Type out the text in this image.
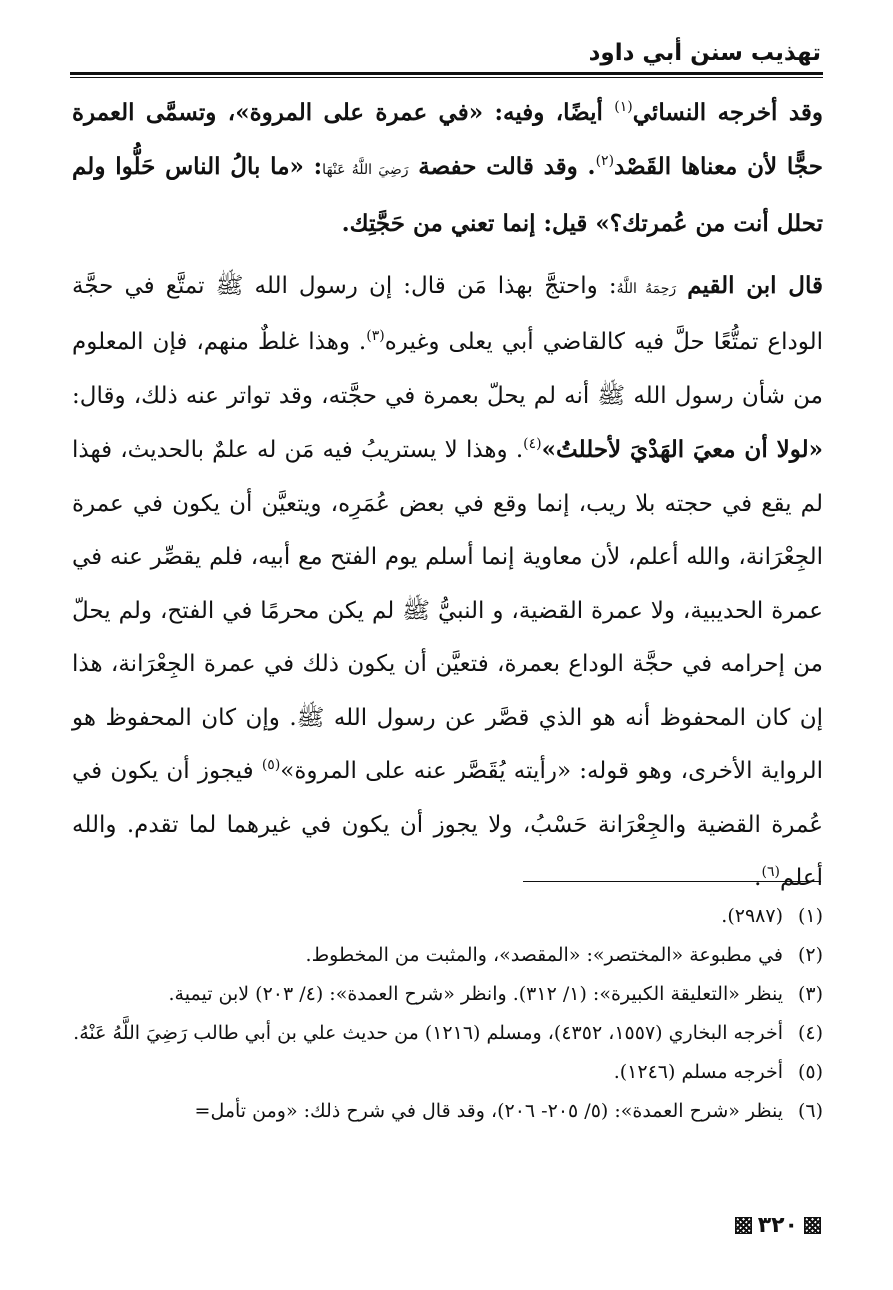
تهذيب سنن أبي داود

وقد أخرجه النسائي$^{(١)}$ أيضًا، وفيه: «في عمرة على المروة»، وتسمَّى العمرة حجًّا لأن معناها القَصْد$^{(٢)}$. وقد قالت حفصة رَضِيَ اللَّهُ عَنْهَا: «ما بالُ الناس حَلُّوا ولم تحلل أنت من عُمرتك؟» قيل: إنما تعني من حَجَّتِك.

قال ابن القيم رَحِمَهُ اللَّهُ: واحتجَّ بهذا مَن قال: إن رسول الله ﷺ تمتَّع في حجَّة الوداع تمتُّعًا حلَّ فيه كالقاضي أبي يعلى وغيره$^{(٣)}$. وهذا غلطٌ منهم، فإن المعلوم من شأن رسول الله ﷺ أنه لم يحلّ بعمرة في حجَّته، وقد تواتر عنه ذلك، وقال: «لولا أن معيَ الهَدْيَ لأحللتُ»$^{(٤)}$. وهذا لا يستريبُ فيه مَن له علمٌ بالحديث، فهذا لم يقع في حجته بلا ريب، إنما وقع في بعض عُمَرِه، ويتعيَّن أن يكون في عمرة الجِعْرَانة، والله أعلم، لأن معاوية إنما أسلم يوم الفتح مع أبيه، فلم يقصِّر عنه في عمرة الحديبية، ولا عمرة القضية، و النبيُّ ﷺ لم يكن محرمًا في الفتح، ولم يحلّ من إحرامه في حجَّة الوداع بعمرة، فتعيَّن أن يكون ذلك في عمرة الجِعْرَانة، هذا إن كان المحفوظ أنه هو الذي قصَّر عن رسول الله ﷺ. وإن كان المحفوظ هو الرواية الأخرى، وهو قوله: «رأيته يُقَصَّر عنه على المروة»$^{(٥)}$ فيجوز أن يكون في عُمرة القضية والجِعْرَانة حَسْبُ، ولا يجوز أن يكون في غيرهما لما تقدم. والله أعلم$^{(٦)}$.

(١)
(٢٩٨٧).
(٢)
في مطبوعة «المختصر»: «المقصد»، والمثبت من المخطوط.
(٣)
ينظر «التعليقة الكبيرة»: (١/ ٣١٢). وانظر «شرح العمدة»: (٤/ ٢٠٣) لابن تيمية.
(٤)
أخرجه البخاري (١٥٥٧، ٤٣٥٢)، ومسلم (١٢١٦) من حديث علي بن أبي طالب رَضِيَ اللَّهُ عَنْهُ.
(٥)
أخرجه مسلم (١٢٤٦).
(٦)
ينظر «شرح العمدة»: (٥/ ٢٠٥- ٢٠٦)، وقد قال في شرح ذلك: «ومن تأمل=
٣٢٠
